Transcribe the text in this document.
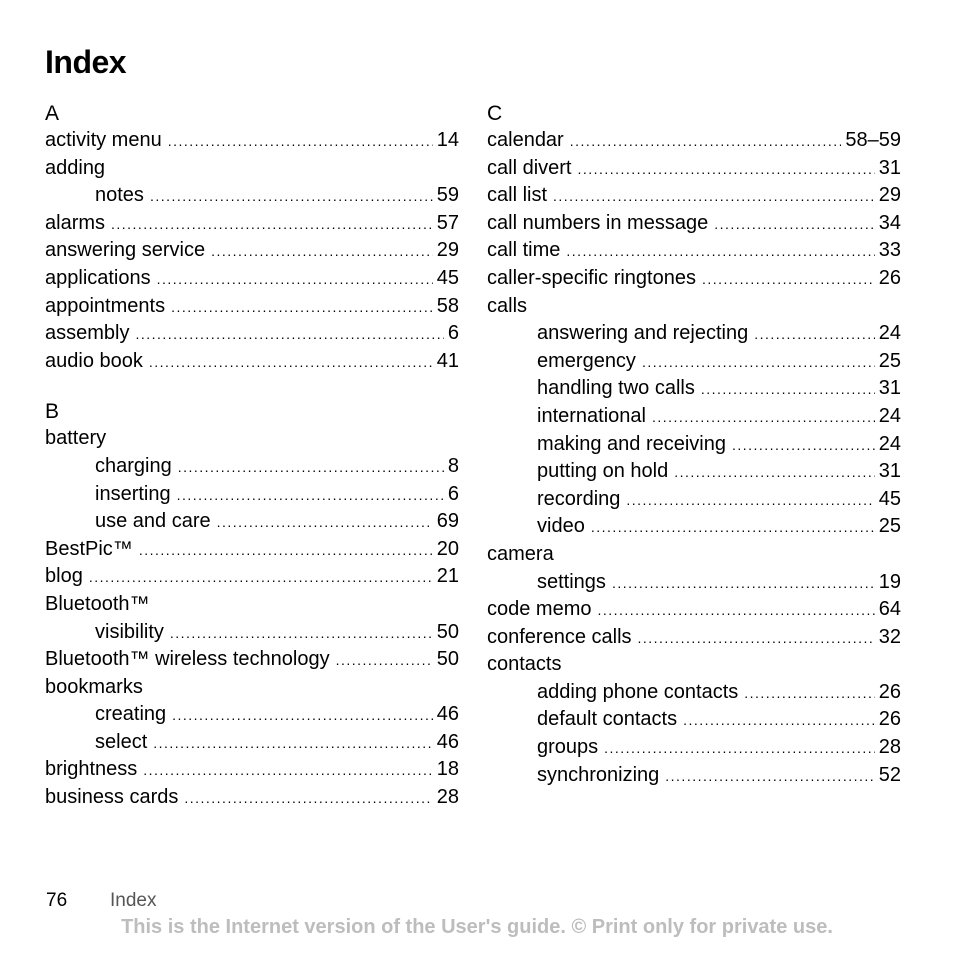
Index
A
activity menu . . .	14
adding
notes . . .	59
alarms . . .	57
answering service . . .	29
applications . . .	45
appointments . . .	58
assembly . . .	6
audio book . . .	41
B
battery
charging . . .	8
inserting . . .	6
use and care . . .	69
BestPic™ . . .	20
blog . . .	21
Bluetooth™
visibility . . .	50
Bluetooth™ wireless technology . . .	50
bookmarks
creating . . .	46
select . . .	46
brightness . . .	18
business cards . . .	28
C
calendar . . .	58–59
call divert . . .	31
call list . . .	29
call numbers in message . . .	34
call time . . .	33
caller-specific ringtones . . .	26
calls
answering and rejecting . . .	24
emergency . . .	25
handling two calls . . .	31
international . . .	24
making and receiving . . .	24
putting on hold . . .	31
recording . . .	45
video . . .	25
camera
settings . . .	19
code memo . . .	64
conference calls . . .	32
contacts
adding phone contacts . . .	26
default contacts . . .	26
groups . . .	28
synchronizing . . .	52
76 Index
This is the Internet version of the User's guide. © Print only for private use.
